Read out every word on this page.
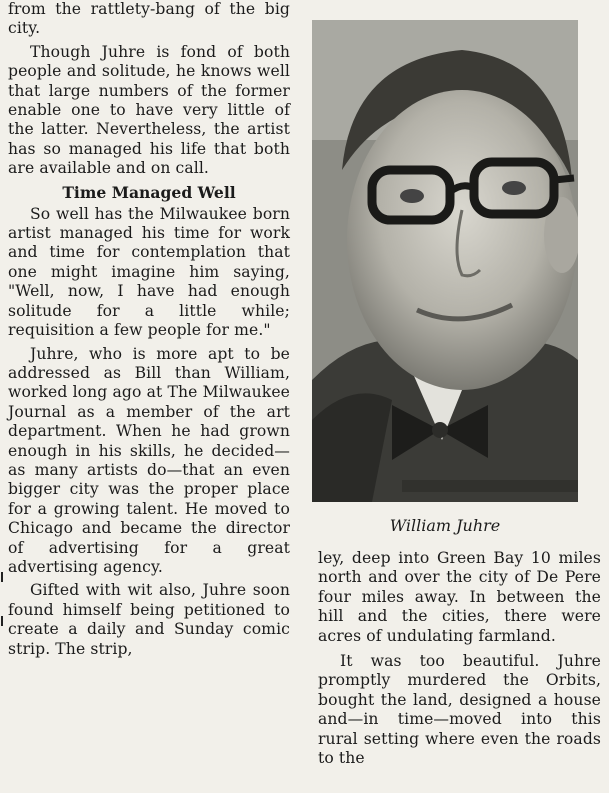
from the rattlety-bang of the big city.

Though Juhre is fond of both people and solitude, he knows well that large numbers of the former enable one to have very little of the latter. Nevertheless, the artist has so managed his life that both are available and on call.

Time Managed Well

So well has the Milwaukee born artist managed his time for work and time for contemplation that one might imagine him saying, "Well, now, I have had enough solitude for a little while; requisition a few people for me."

Juhre, who is more apt to be addressed as Bill than William, worked long ago at The Milwaukee Journal as a member of the art department. When he had grown enough in his skills, he decided—as many artists do—that an even bigger city was the proper place for a growing talent. He moved to Chicago and became the director of advertising for a great advertising agency.

Gifted with wit also, Juhre soon found himself being petitioned to create a daily and Sunday comic strip. The strip,

William Juhre

ley, deep into Green Bay 10 miles north and over the city of De Pere four miles away. In between the hill and the cities, there were acres of undulating farmland.

It was too beautiful. Juhre promptly murdered the Orbits, bought the land, designed a house and—in time—moved into this rural setting where even the roads to the
